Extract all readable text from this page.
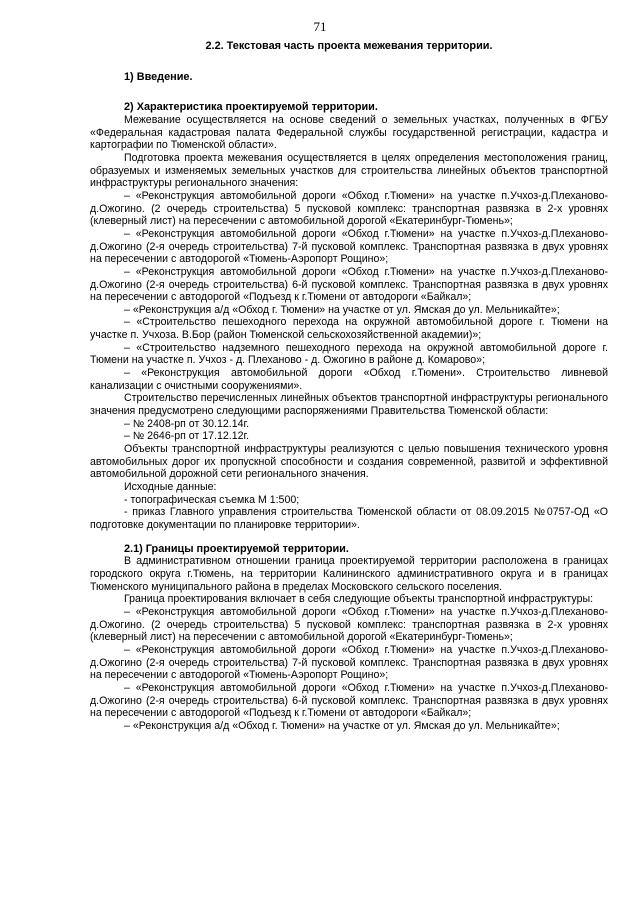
71
2.2. Текстовая часть проекта межевания территории.
1) Введение.
2) Характеристика проектируемой территории.

Межевание осуществляется на основе сведений о земельных участках, полученных в ФГБУ «Федеральная кадастровая палата Федеральной службы государственной регистрации, кадастра и картографии по Тюменской области».

Подготовка проекта межевания осуществляется в целях определения местоположения границ, образуемых и изменяемых земельных участков для строительства линейных объектов транспортной инфраструктуры регионального значения:

– «Реконструкция автомобильной дороги «Обход г.Тюмени» на участке п.Учхоз-д.Плеханово-д.Ожогино. (2 очередь строительства) 5 пусковой комплекс: транспортная развязка в 2-х уровнях (клеверный лист) на пересечении с автомобильной дорогой «Екатеринбург-Тюмень»;

– «Реконструкция автомобильной дороги «Обход г.Тюмени» на участке п.Учхоз-д.Плеханово-д.Ожогино (2-я очередь строительства) 7-й пусковой комплекс. Транспортная развязка в двух уровнях на пересечении с автодорогой «Тюмень-Аэропорт Рощино»;

– «Реконструкция автомобильной дороги «Обход г.Тюмени» на участке п.Учхоз-д.Плеханово-д.Ожогино (2-я очередь строительства) 6-й пусковой комплекс. Транспортная развязка в двух уровнях на пересечении с автодорогой «Подъезд к г.Тюмени от автодороги «Байкал»;

– «Реконструкция а/д «Обход г. Тюмени» на участке от ул. Ямская до ул. Мельникайте»;

– «Строительство пешеходного перехода на окружной автомобильной дороге г. Тюмени на участке п. Учхоза. В.Бор (район Тюменской сельскохозяйственной академии)»;

– «Строительство надземного пешеходного перехода на окружной автомобильной дороге г. Тюмени на участке п. Учхоз - д. Плеханово - д. Ожогино в районе д. Комарово»;

– «Реконструкция автомобильной дороги «Обход г.Тюмени». Строительство ливневой канализации с очистными сооружениями».

Строительство перечисленных линейных объектов транспортной инфраструктуры регионального значения предусмотрено следующими распоряжениями Правительства Тюменской области:

– № 2408-рп от 30.12.14г.

– № 2646-рп от 17.12.12г.

Объекты транспортной инфраструктуры реализуются с целью повышения технического уровня автомобильных дорог их пропускной способности и создания современной, развитой и эффективной автомобильной дорожной сети регионального значения.

Исходные данные:

- топографическая съемка М 1:500;

- приказ Главного управления строительства Тюменской области от 08.09.2015 №0757-ОД «О подготовке документации по планировке территории».

2.1) Границы проектируемой территории.

В административном отношении граница проектируемой территории расположена в границах городского округа г.Тюмень, на территории Калининского административного округа и в границах Тюменского муниципального района в пределах Московского сельского поселения.

Граница проектирования включает в себя следующие объекты транспортной инфраструктуры:

– «Реконструкция автомобильной дороги «Обход г.Тюмени» на участке п.Учхоз-д.Плеханово-д.Ожогино. (2 очередь строительства) 5 пусковой комплекс: транспортная развязка в 2-х уровнях (клеверный лист) на пересечении с автомобильной дорогой «Екатеринбург-Тюмень»;

– «Реконструкция автомобильной дороги «Обход г.Тюмени» на участке п.Учхоз-д.Плеханово-д.Ожогино (2-я очередь строительства) 7-й пусковой комплекс. Транспортная развязка в двух уровнях на пересечении с автодорогой «Тюмень-Аэропорт Рощино»;

– «Реконструкция автомобильной дороги «Обход г.Тюмени» на участке п.Учхоз-д.Плеханово-д.Ожогино (2-я очередь строительства) 6-й пусковой комплекс. Транспортная развязка в двух уровнях на пересечении с автодорогой «Подъезд к г.Тюмени от автодороги «Байкал»;

– «Реконструкция а/д «Обход г. Тюмени» на участке от ул. Ямская до ул. Мельникайте»;
